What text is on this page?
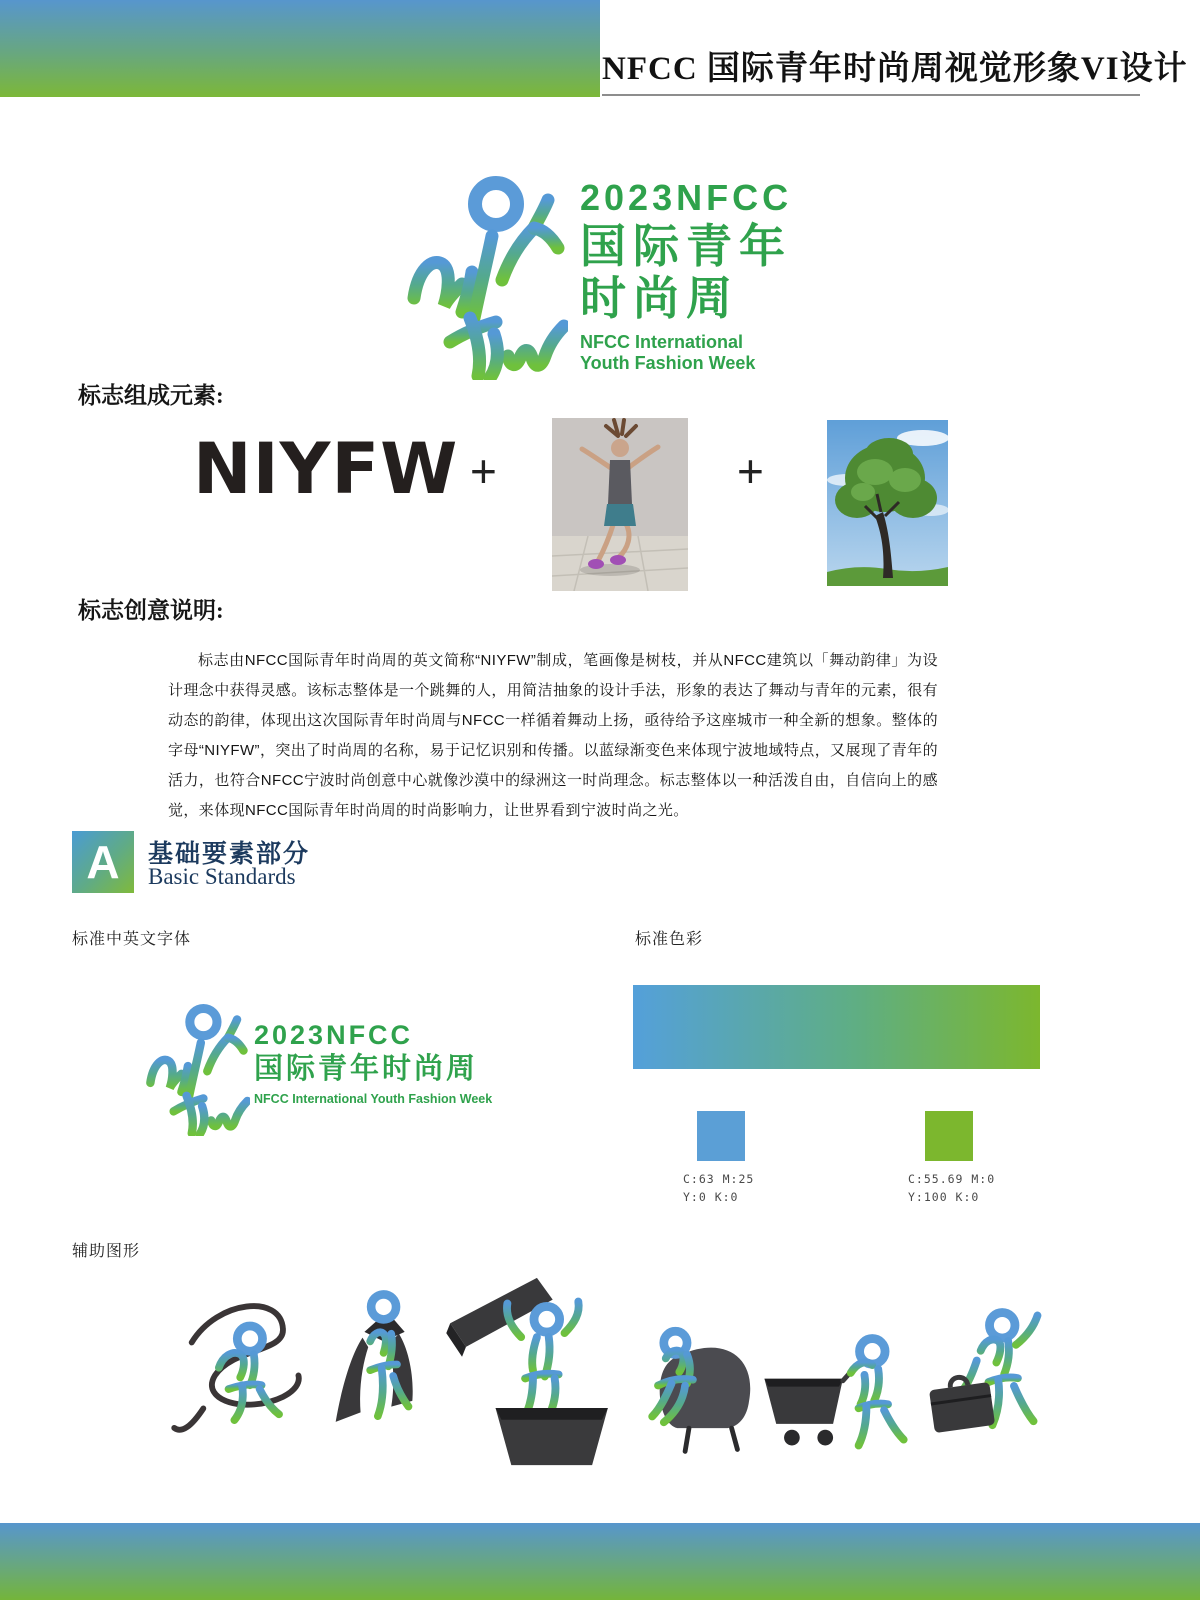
NFCC 国际青年时尚周视觉形象VI设计
2023NFCC
国际青年
时尚周
NFCC International
Youth Fashion Week
标志组成元素:
NIYFW +	+
标志创意说明:
标志由NFCC国际青年时尚周的英文简称“NIYFW”制成，笔画像是树枝，并从NFCC建筑以「舞动韵律」为设计理念中获得灵感。该标志整体是一个跳舞的人，用简洁抽象的设计手法，形象的表达了舞动与青年的元素，很有动态的韵律，体现出这次国际青年时尚周与NFCC一样循着舞动上扬，亟待给予这座城市一种全新的想象。整体的字母“NIYFW”，突出了时尚周的名称，易于记忆识别和传播。以蓝绿渐变色来体现宁波地域特点，又展现了青年的活力，也符合NFCC宁波时尚创意中心就像沙漠中的绿洲这一时尚理念。标志整体以一种活泼自由，自信向上的感觉，来体现NFCC国际青年时尚周的时尚影响力，让世界看到宁波时尚之光。
A 基础要素部分
Basic Standards
标准中英文字体
2023NFCC
国际青年时尚周
NFCC International Youth Fashion Week
标准色彩
C:63 M:25
Y:0 K:0
C:55.69 M:0
Y:100 K:0
辅助图形
